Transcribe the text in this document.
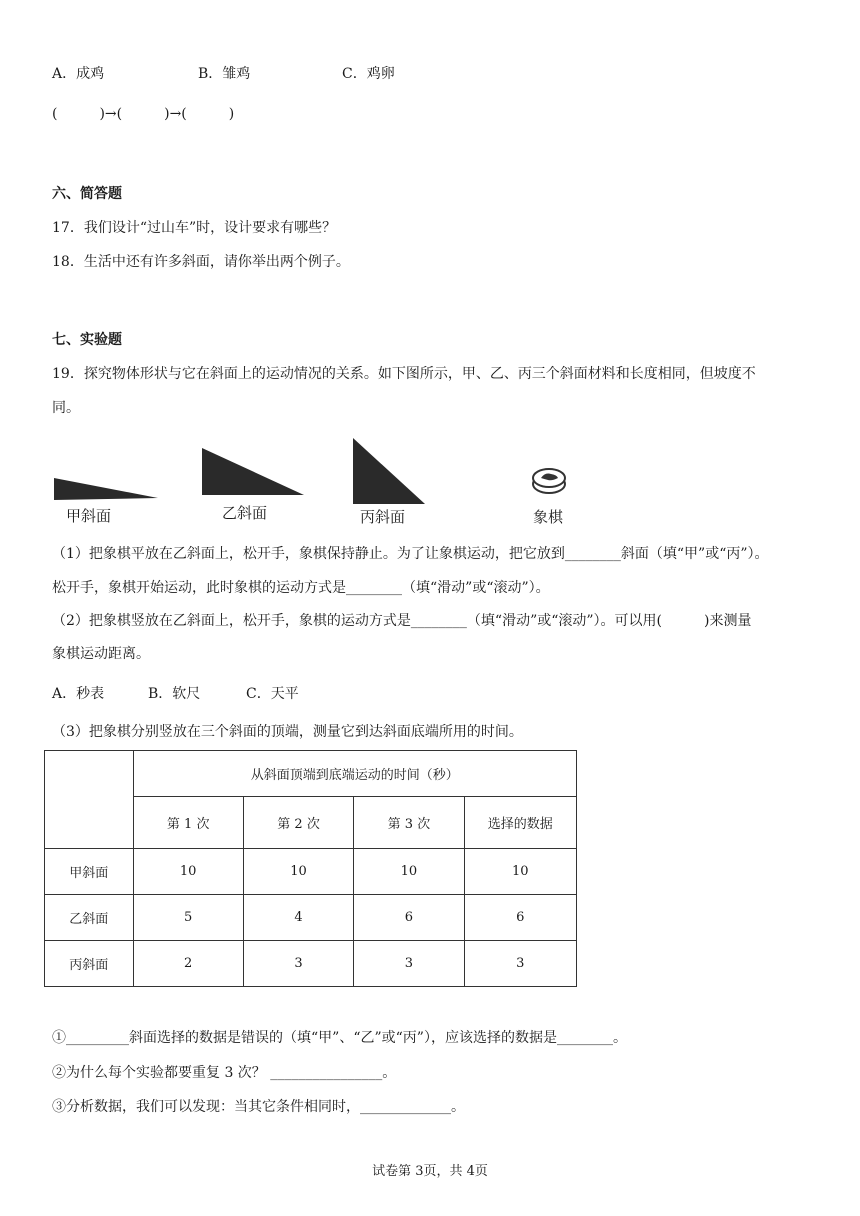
A．成鸡	B．雏鸡	C．鸡卵
(　　　)→(　　　)→(　　　)
六、简答题
17．我们设计“过山车”时，设计要求有哪些？
18．生活中还有许多斜面，请你举出两个例子。
七、实验题
19．探究物体形状与它在斜面上的运动情况的关系。如下图所示，甲、乙、丙三个斜面材料和长度相同，但坡度不
同。
甲斜面	乙斜面	丙斜面	象棋
（1）把象棋平放在乙斜面上，松开手，象棋保持静止。为了让象棋运动，把它放到________斜面（填“甲”或“丙”）。
松开手，象棋开始运动，此时象棋的运动方式是________（填“滑动”或“滚动”）。
（2）把象棋竖放在乙斜面上，松开手，象棋的运动方式是________（填“滑动”或“滚动”）。可以用(　　　)来测量
象棋运动距离。
A．秒表	B．软尺	C．天平
（3）把象棋分别竖放在三个斜面的顶端，测量它到达斜面底端所用的时间。
	从斜面顶端到底端运动的时间（秒）			
	第 1 次	第 2 次	第 3 次	选择的数据
甲斜面	10	10	10	10
乙斜面	5	4	6	6
丙斜面	2	3	3	3
①_________斜面选择的数据是错误的（填“甲”、“乙”或“丙”），应该选择的数据是________。
②为什么每个实验都要重复 3 次？ ________________。
③分析数据，我们可以发现：当其它条件相同时，_____________。
试卷第 3页，共 4页
